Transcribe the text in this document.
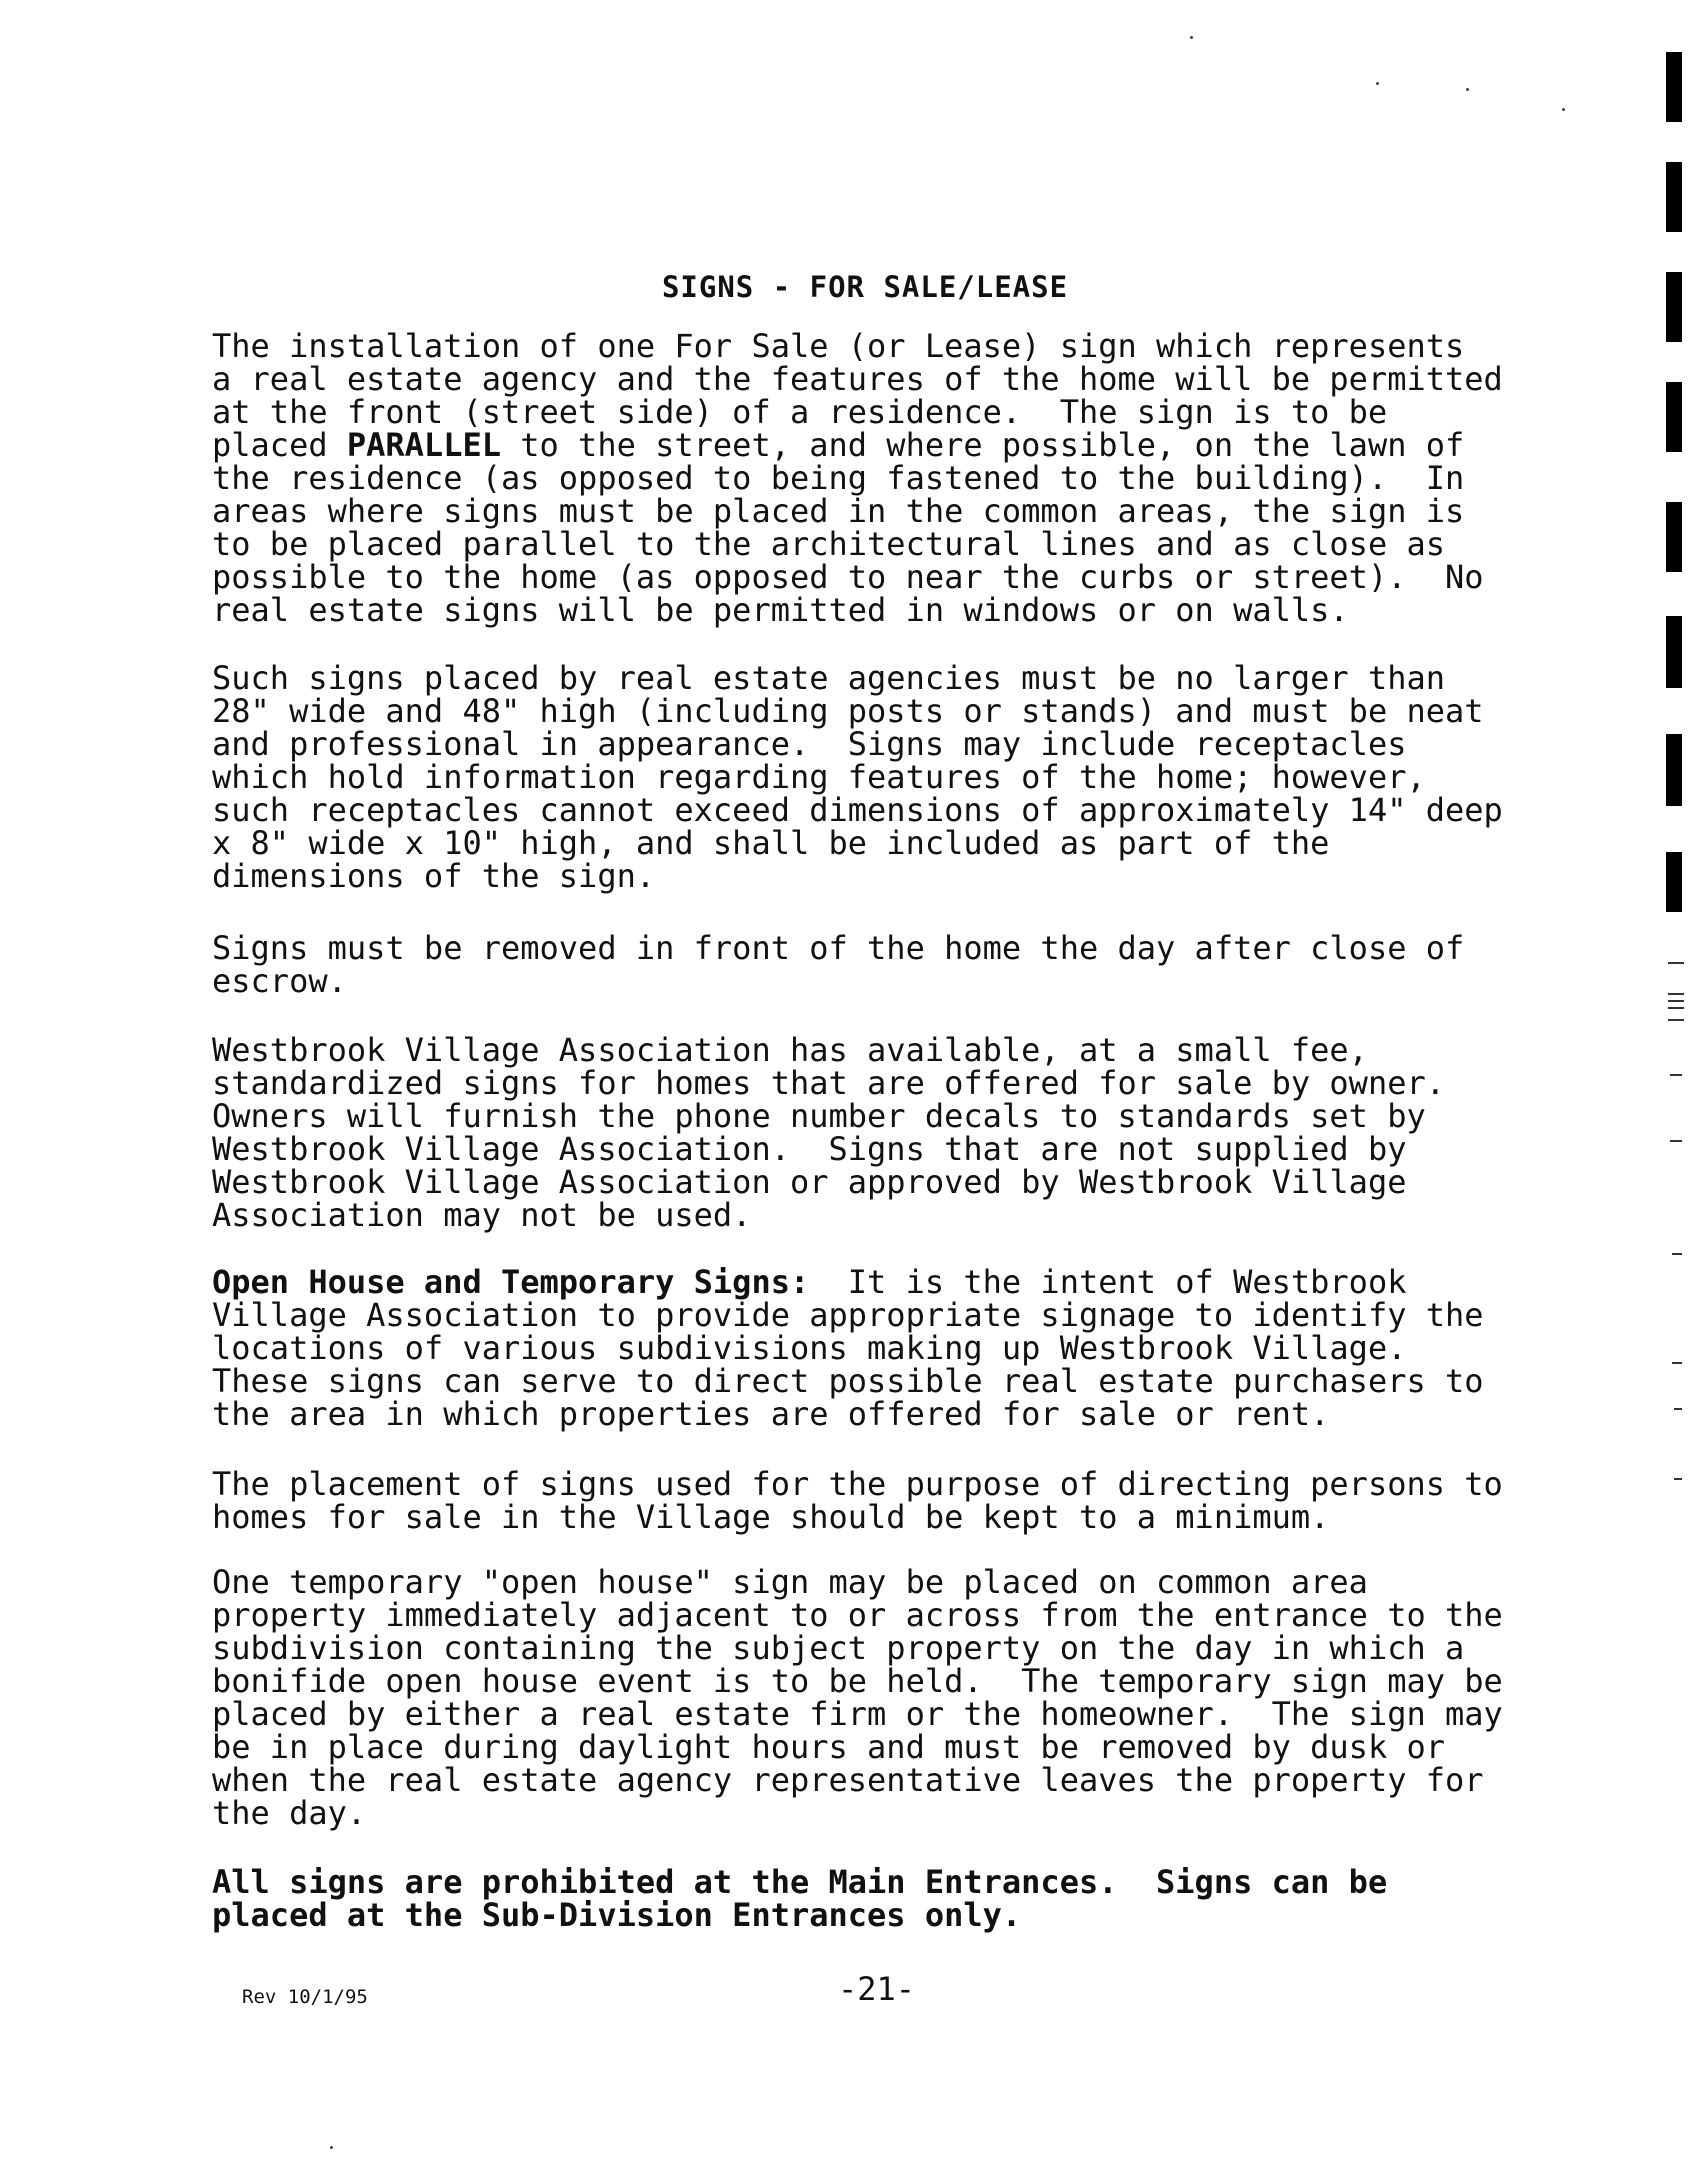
SIGNS - FOR SALE/LEASE

The installation of one For Sale (or Lease) sign which represents
a real estate agency and the features of the home will be permitted
at the front (street side) of a residence.  The sign is to be
placed PARALLEL to the street, and where possible, on the lawn of
the residence (as opposed to being fastened to the building).  In
areas where signs must be placed in the common areas, the sign is
to be placed parallel to the architectural lines and as close as
possible to the home (as opposed to near the curbs or street).  No
real estate signs will be permitted in windows or on walls.

Such signs placed by real estate agencies must be no larger than
28" wide and 48" high (including posts or stands) and must be neat
and professional in appearance.  Signs may include receptacles
which hold information regarding features of the home; however,
such receptacles cannot exceed dimensions of approximately 14" deep
x 8" wide x 10" high, and shall be included as part of the
dimensions of the sign.

Signs must be removed in front of the home the day after close of
escrow.

Westbrook Village Association has available, at a small fee,
standardized signs for homes that are offered for sale by owner.
Owners will furnish the phone number decals to standards set by
Westbrook Village Association.  Signs that are not supplied by
Westbrook Village Association or approved by Westbrook Village
Association may not be used.

Open House and Temporary Signs:  It is the intent of Westbrook
Village Association to provide appropriate signage to identify the
locations of various subdivisions making up Westbrook Village.
These signs can serve to direct possible real estate purchasers to
the area in which properties are offered for sale or rent.

The placement of signs used for the purpose of directing persons to
homes for sale in the Village should be kept to a minimum.

One temporary "open house" sign may be placed on common area
property immediately adjacent to or across from the entrance to the
subdivision containing the subject property on the day in which a
bonifide open house event is to be held.  The temporary sign may be
placed by either a real estate firm or the homeowner.  The sign may
be in place during daylight hours and must be removed by dusk or
when the real estate agency representative leaves the property for
the day.

All signs are prohibited at the Main Entrances.  Signs can be
placed at the Sub-Division Entrances only.

Rev 10/1/95	-21-
